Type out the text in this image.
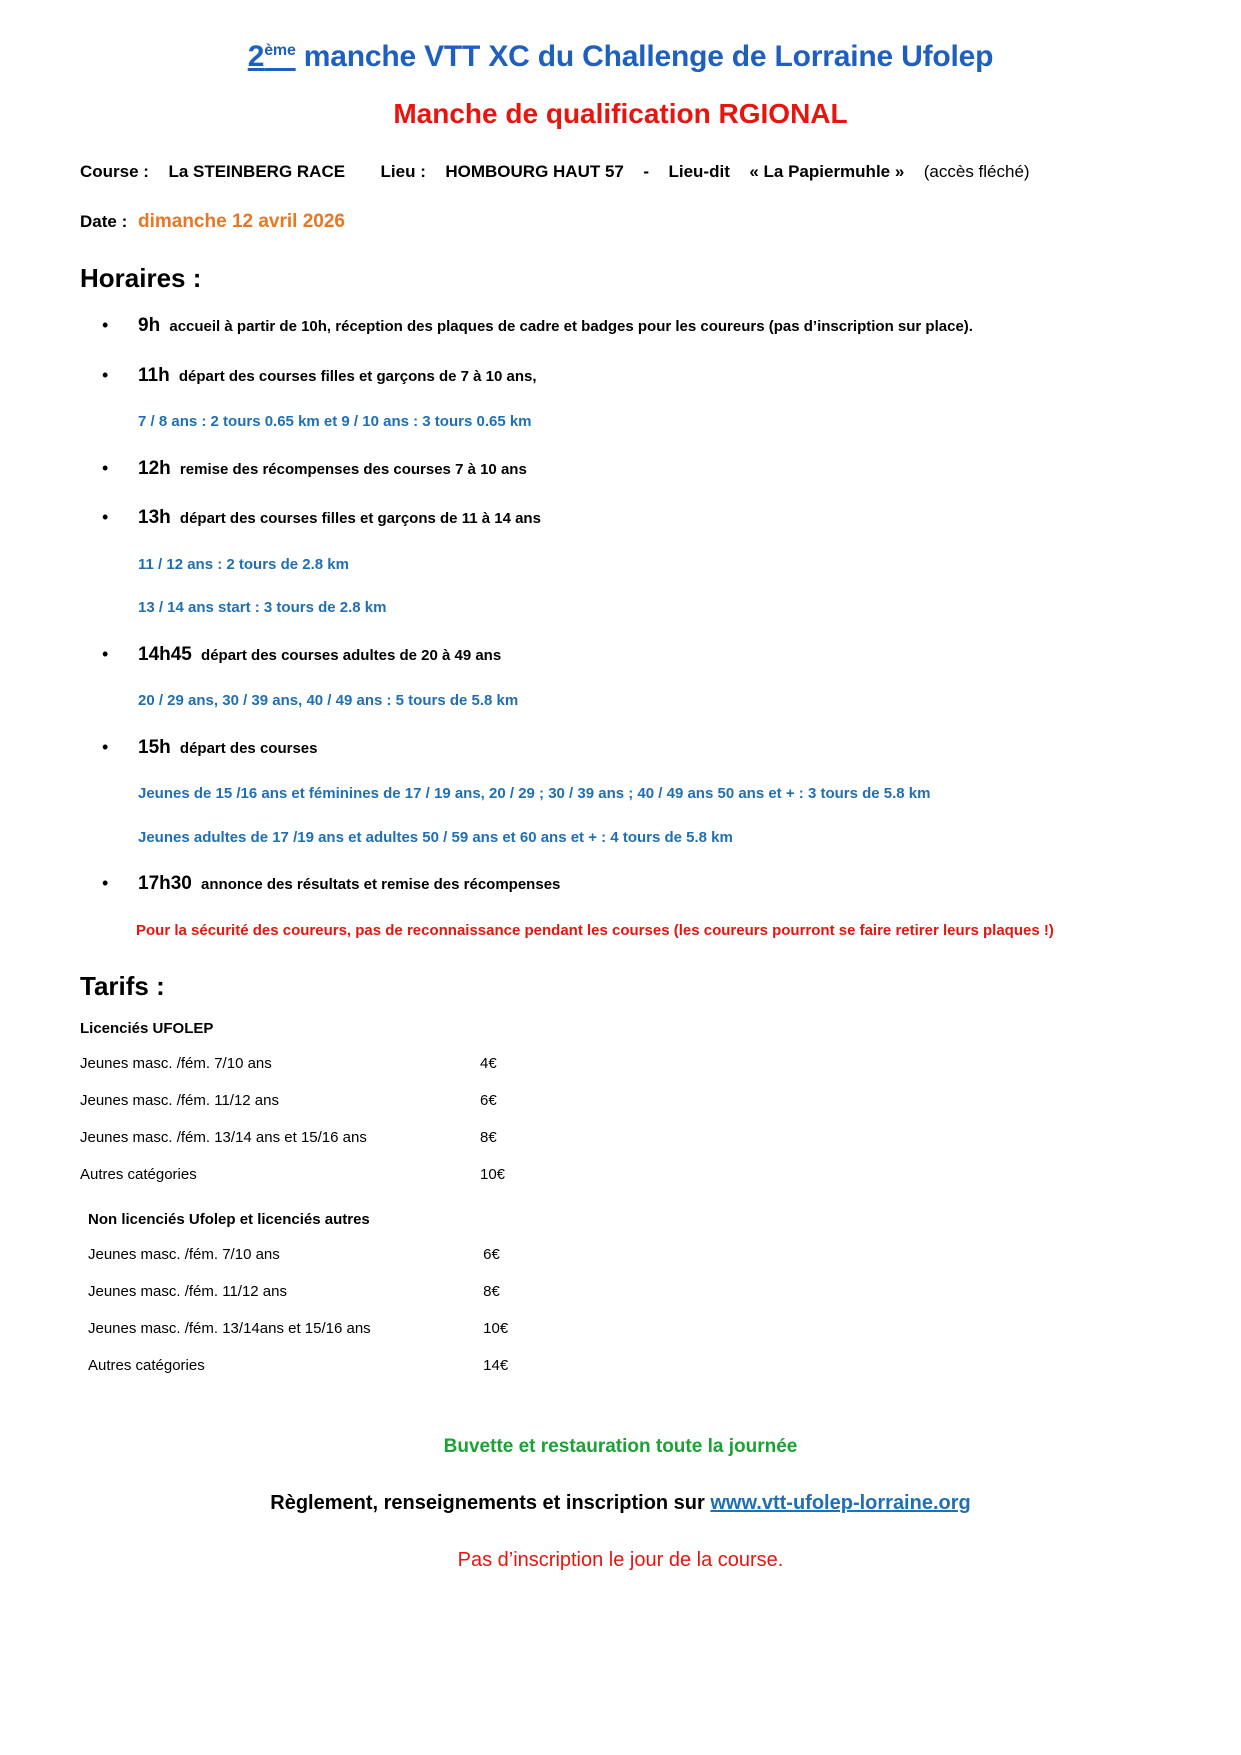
2ème manche VTT XC du Challenge de Lorraine Ufolep
Manche de qualification RGIONAL
Course : La STEINBERG RACE Lieu : HOMBOURG HAUT 57 - Lieu-dit « La Papiermuhle » (accès fléché)
Date : dimanche 12 avril 2026
Horaires :
• 9h accueil à partir de 10h, réception des plaques de cadre et badges pour les coureurs (pas d’inscription sur place).
• 11h départ des courses filles et garçons de 7 à 10 ans,
7 / 8 ans : 2 tours 0.65 km et 9 / 10 ans : 3 tours 0.65 km
• 12h remise des récompenses des courses 7 à 10 ans
• 13h départ des courses filles et garçons de 11 à 14 ans
11 / 12 ans : 2 tours de 2.8 km
13 / 14 ans start : 3 tours de 2.8 km
• 14h45 départ des courses adultes de 20 à 49 ans
20 / 29 ans, 30 / 39 ans, 40 / 49 ans : 5 tours de 5.8 km
• 15h départ des courses
Jeunes de 15 /16 ans et féminines de 17 / 19 ans, 20 / 29 ; 30 / 39 ans ; 40 / 49 ans 50 ans et + : 3 tours de 5.8 km
Jeunes adultes de 17 /19 ans et adultes 50 / 59 ans et 60 ans et + : 4 tours de 5.8 km
• 17h30 annonce des résultats et remise des récompenses
Pour la sécurité des coureurs, pas de reconnaissance pendant les courses (les coureurs pourront se faire retirer leurs plaques !)
Tarifs :
Licenciés UFOLEP
Jeunes masc. /fém. 7/10 ans	4€
Jeunes masc. /fém. 11/12 ans	6€
Jeunes masc. /fém. 13/14 ans et 15/16 ans	8€
Autres catégories	10€
Non licenciés Ufolep et licenciés autres
Jeunes masc. /fém. 7/10 ans	6€
Jeunes masc. /fém. 11/12 ans	8€
Jeunes masc. /fém. 13/14ans et 15/16 ans	10€
Autres catégories	14€
Buvette et restauration toute la journée
Règlement, renseignements et inscription sur www.vtt-ufolep-lorraine.org
Pas d’inscription le jour de la course.
